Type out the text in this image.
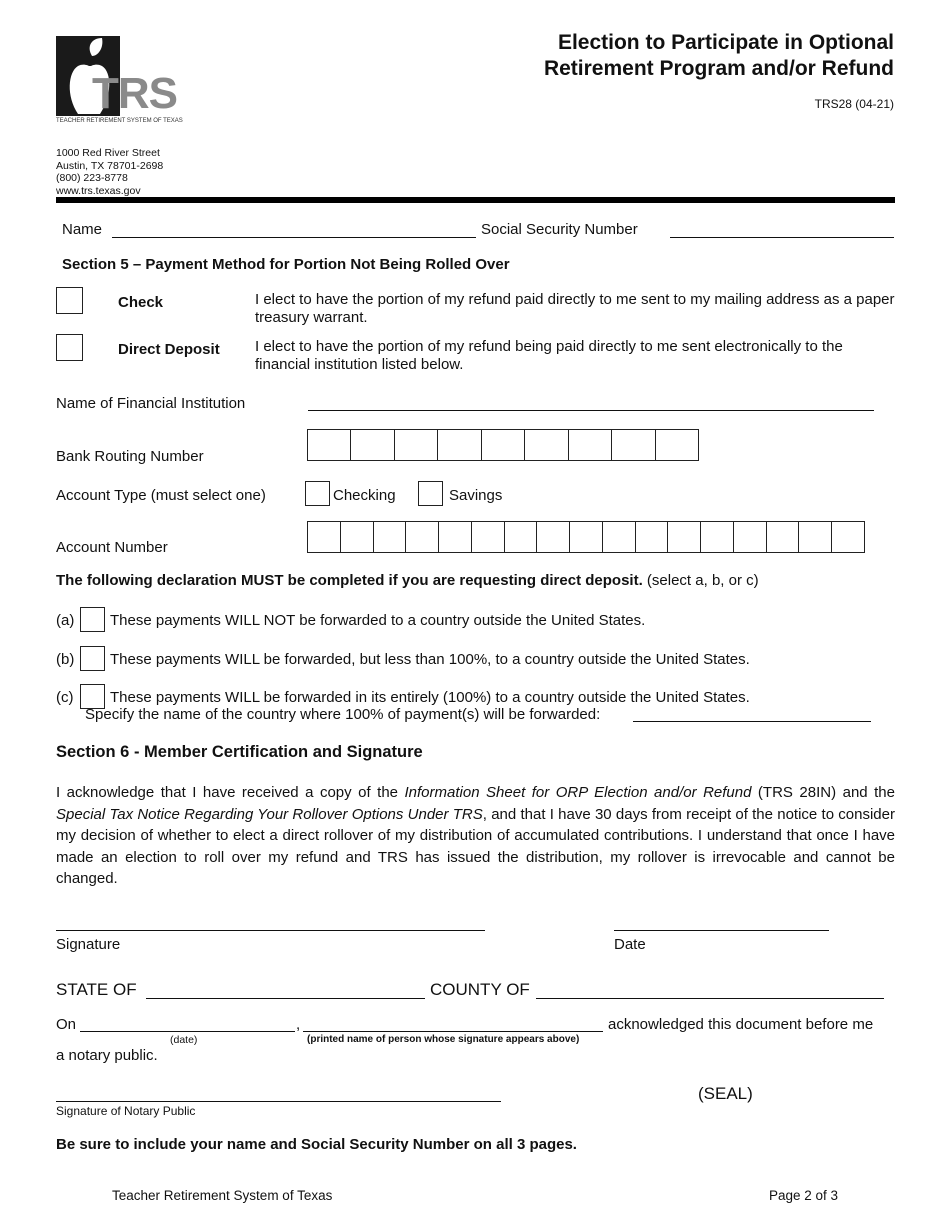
TRS
TEACHER RETIREMENT SYSTEM OF TEXAS
Election to Participate in Optional
Retirement Program and/or Refund
TRS28 (04-21)
1000 Red River Street
Austin, TX 78701-2698
(800) 223-8778
www.trs.texas.gov
Name	Social Security Number
Section 5 – Payment Method for Portion Not Being Rolled Over
Check	I elect to have the portion of my refund paid directly to me sent to my mailing address as a paper treasury warrant.
Direct Deposit I elect to have the portion of my refund being paid directly to me sent electronically to the financial institution listed below.
Name of Financial Institution
Bank Routing Number
Account Type (must select one)	Checking	Savings
Account Number
The following declaration MUST be completed if you are requesting direct deposit. (select a, b, or c)
(a) These payments WILL NOT be forwarded to a country outside the United States.
(b) These payments WILL be forwarded, but less than 100%, to a country outside the United States.
(c) These payments WILL be forwarded in its entirely (100%) to a country outside the United States.
Specify the name of the country where 100% of payment(s) will be forwarded:
Section 6 - Member Certification and Signature
I acknowledge that I have received a copy of the Information Sheet for ORP Election and/or Refund (TRS 28IN) and the Special Tax Notice Regarding Your Rollover Options Under TRS, and that I have 30 days from receipt of the notice to consider my decision of whether to elect a direct rollover of my distribution of accumulated contributions. I understand that once I have made an election to roll over my refund and TRS has issued the distribution, my rollover is irrevocable and cannot be changed.
Signature	Date
STATE OF	COUNTY OF
On	,	acknowledged this document before me
(date)	(printed name of person whose signature appears above)
a notary public.
Signature of Notary Public
(SEAL)
Be sure to include your name and Social Security Number on all 3 pages.
Teacher Retirement System of Texas	Page 2 of 3
